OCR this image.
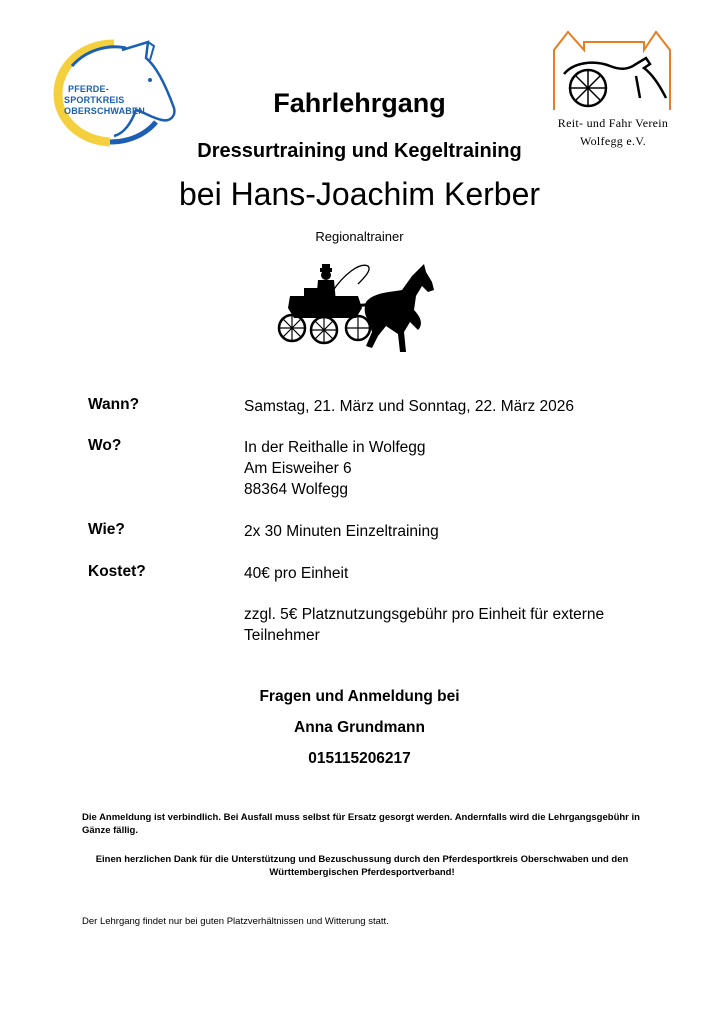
PFERDE-
SPORTKREIS
OBERSCHWABEN
Reit- und Fahr Verein
Wolfegg e.V.
Fahrlehrgang
Dressurtraining und Kegeltraining
bei Hans-Joachim Kerber
Regionaltrainer
Wann?	Samstag, 21. März und Sonntag, 22. März 2026
Wo?	In der Reithalle in Wolfegg
Am Eisweiher 6
88364 Wolfegg
Wie?	2x 30 Minuten Einzeltraining
Kostet?	40€ pro Einheit
zzgl. 5€ Platznutzungsgebühr pro Einheit für externe
Teilnehmer
Fragen und Anmeldung bei
Anna Grundmann
015115206217
Die Anmeldung ist verbindlich. Bei Ausfall muss selbst für Ersatz gesorgt werden. Andernfalls wird die Lehrgangsgebühr in Gänze fällig.
Einen herzlichen Dank für die Unterstützung und Bezuschussung durch den Pferdesportkreis Oberschwaben und den Württembergischen Pferdesportverband!
Der Lehrgang findet nur bei guten Platzverhältnissen und Witterung statt.
